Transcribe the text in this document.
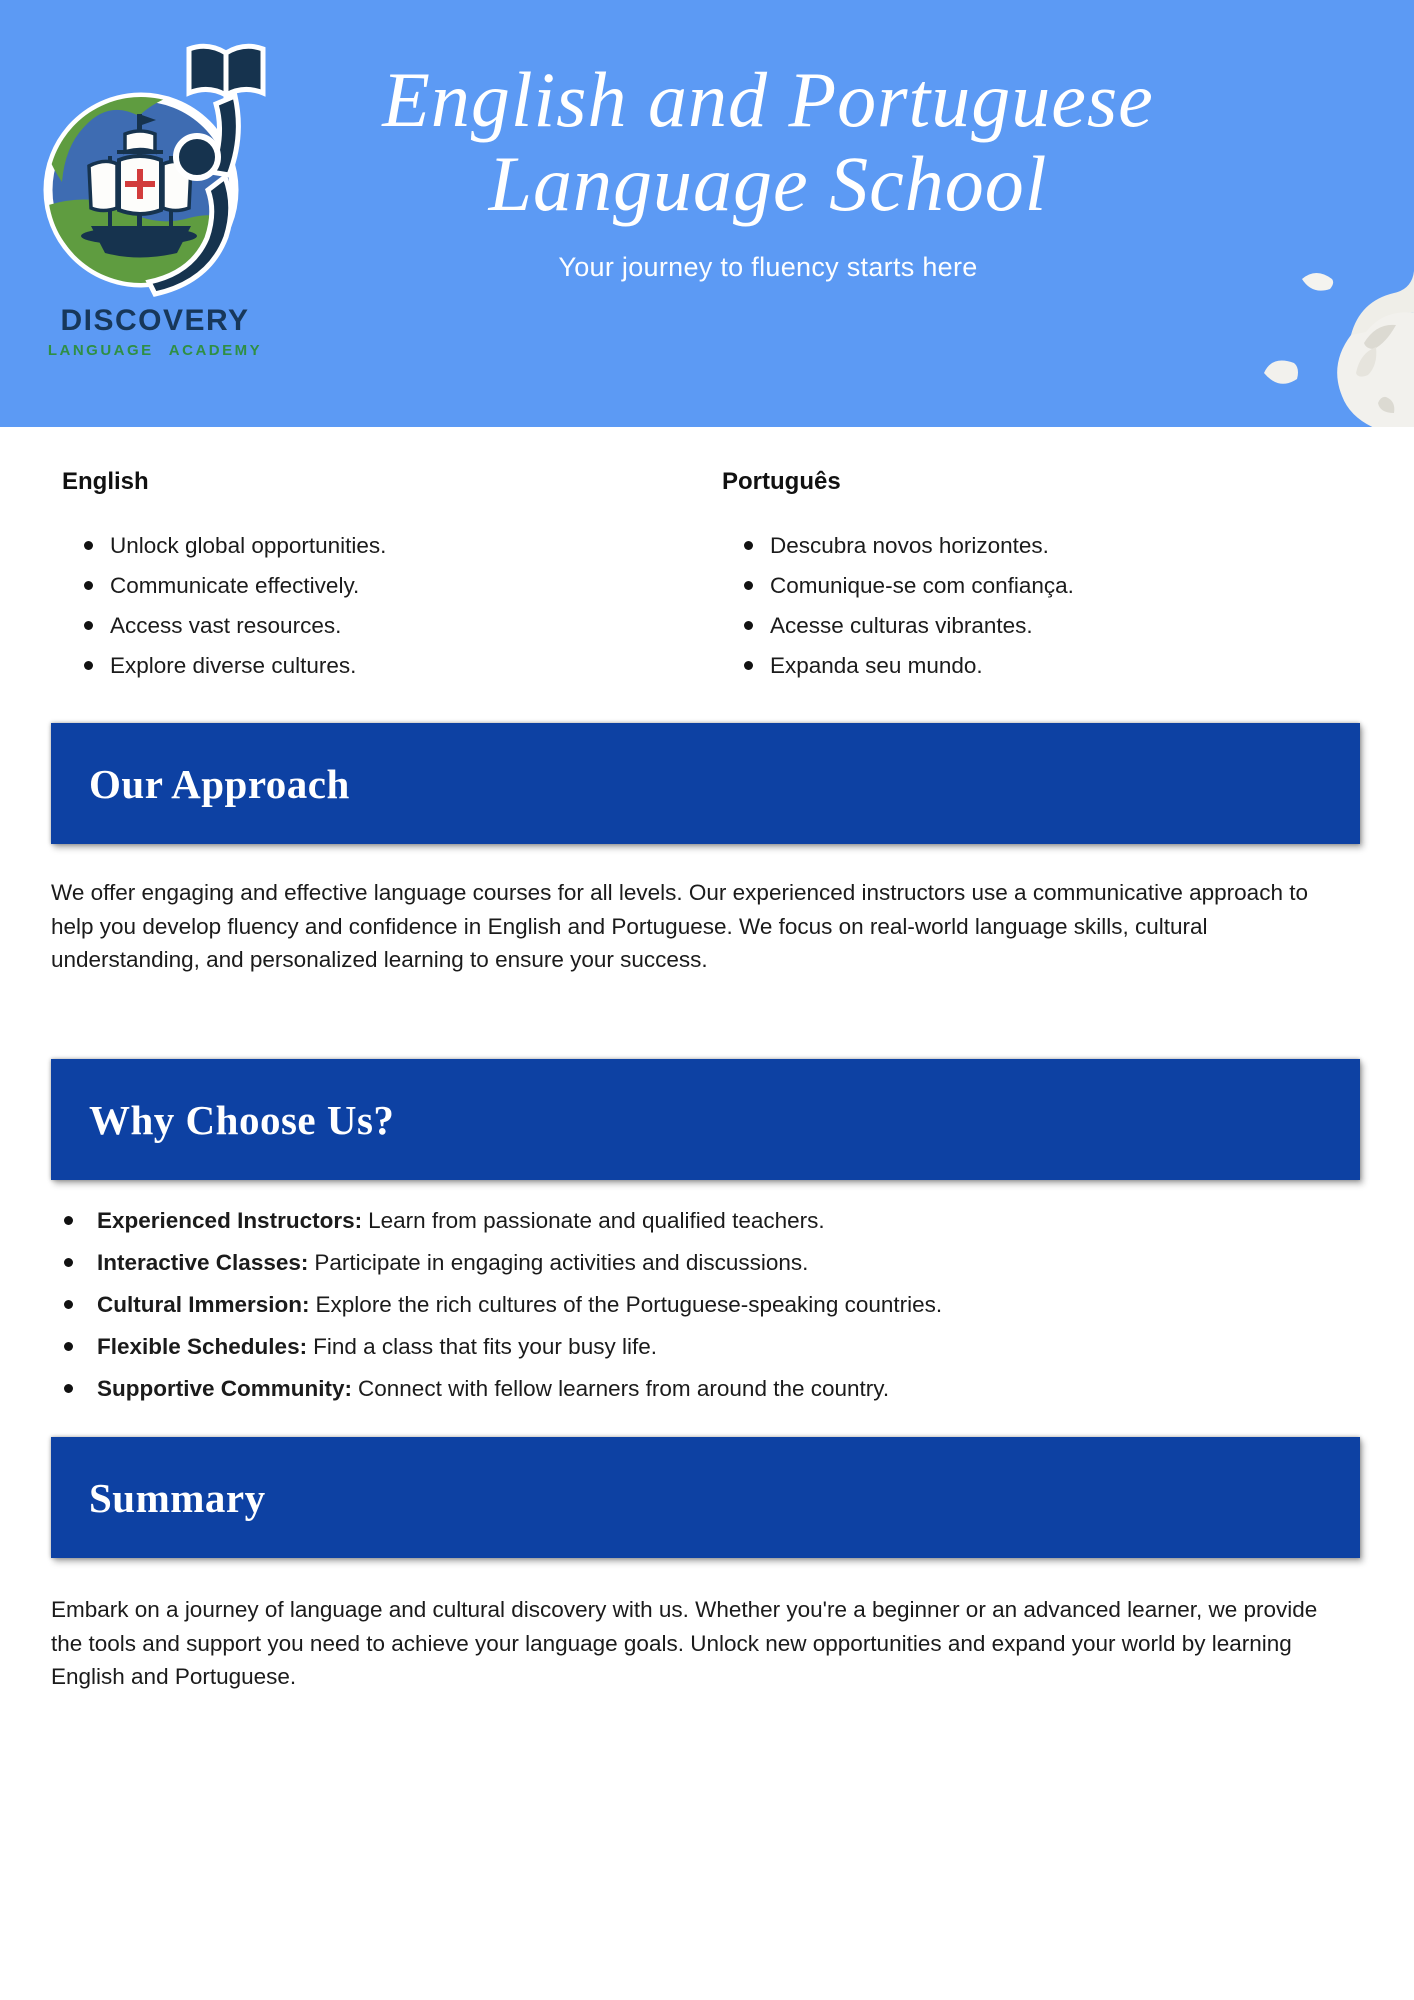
DISCOVERY
LANGUAGE ACADEMY
English and Portuguese
Language School
Your journey to fluency starts here
English
Unlock global opportunities.
Communicate effectively.
Access vast resources.
Explore diverse cultures.
Português
Descubra novos horizontes.
Comunique-se com confiança.
Acesse culturas vibrantes.
Expanda seu mundo.
Our Approach

We offer engaging and effective language courses for all levels. Our experienced instructors use a communicative approach to help you develop fluency and confidence in English and Portuguese. We focus on real-world language skills, cultural understanding, and personalized learning to ensure your success.

Why Choose Us?
Experienced Instructors: Learn from passionate and qualified teachers.
Interactive Classes: Participate in engaging activities and discussions.
Cultural Immersion: Explore the rich cultures of the Portuguese-speaking countries.
Flexible Schedules: Find a class that fits your busy life.
Supportive Community: Connect with fellow learners from around the country.
Summary

Embark on a journey of language and cultural discovery with us. Whether you're a beginner or an advanced learner, we provide the tools and support you need to achieve your language goals. Unlock new opportunities and expand your world by learning English and Portuguese.
